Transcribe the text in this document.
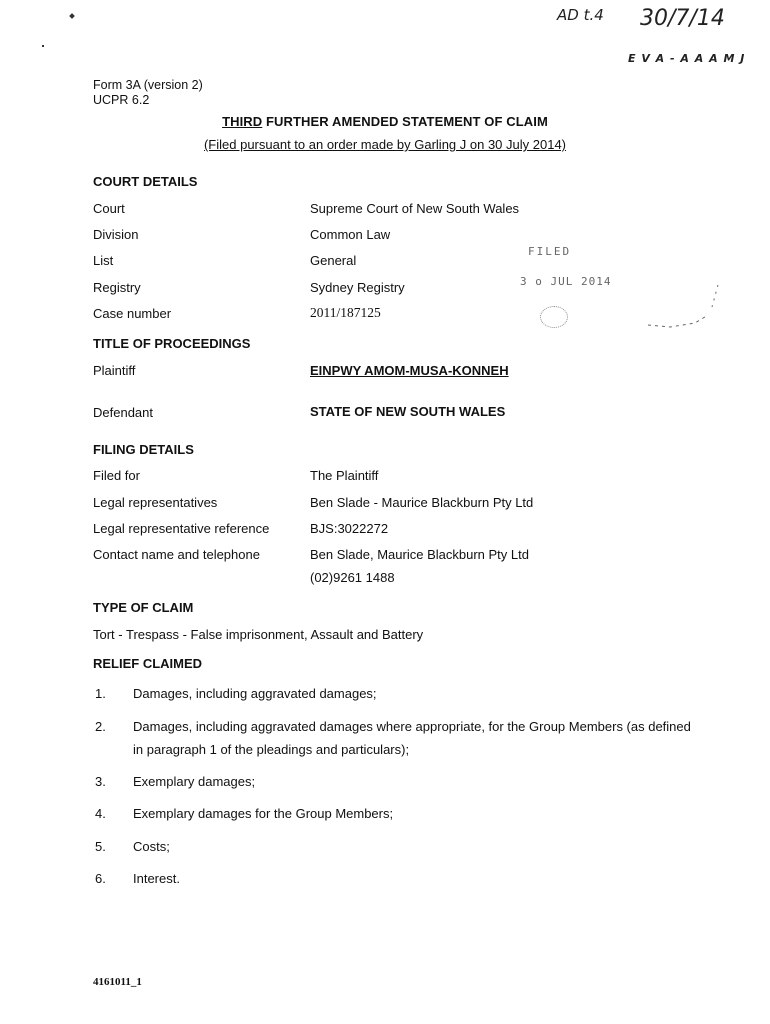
AD t.4 30/7/14
E V A - A A A M J
Form 3A (version 2)
UCPR 6.2
THIRD FURTHER AMENDED STATEMENT OF CLAIM
(Filed pursuant to an order made by Garling J on 30 July 2014)
COURT DETAILS
Court	Supreme Court of New South Wales
Division	Common Law
List	General
Registry	Sydney Registry
Case number	2011/187125
FILED
3 o JUL 2014
TITLE OF PROCEEDINGS
Plaintiff	EINPWY AMOM-MUSA-KONNEH
Defendant	STATE OF NEW SOUTH WALES
FILING DETAILS
Filed for	The Plaintiff
Legal representatives	Ben Slade - Maurice Blackburn Pty Ltd
Legal representative reference	BJS:3022272
Contact name and telephone	Ben Slade, Maurice Blackburn Pty Ltd
(02)9261 1488
TYPE OF CLAIM
Tort - Trespass - False imprisonment, Assault and Battery
RELIEF CLAIMED
1. Damages, including aggravated damages;
2. Damages, including aggravated damages where appropriate, for the Group Members (as defined in paragraph 1 of the pleadings and particulars);
3. Exemplary damages;
4. Exemplary damages for the Group Members;
5. Costs;
6. Interest.
4161011_1
